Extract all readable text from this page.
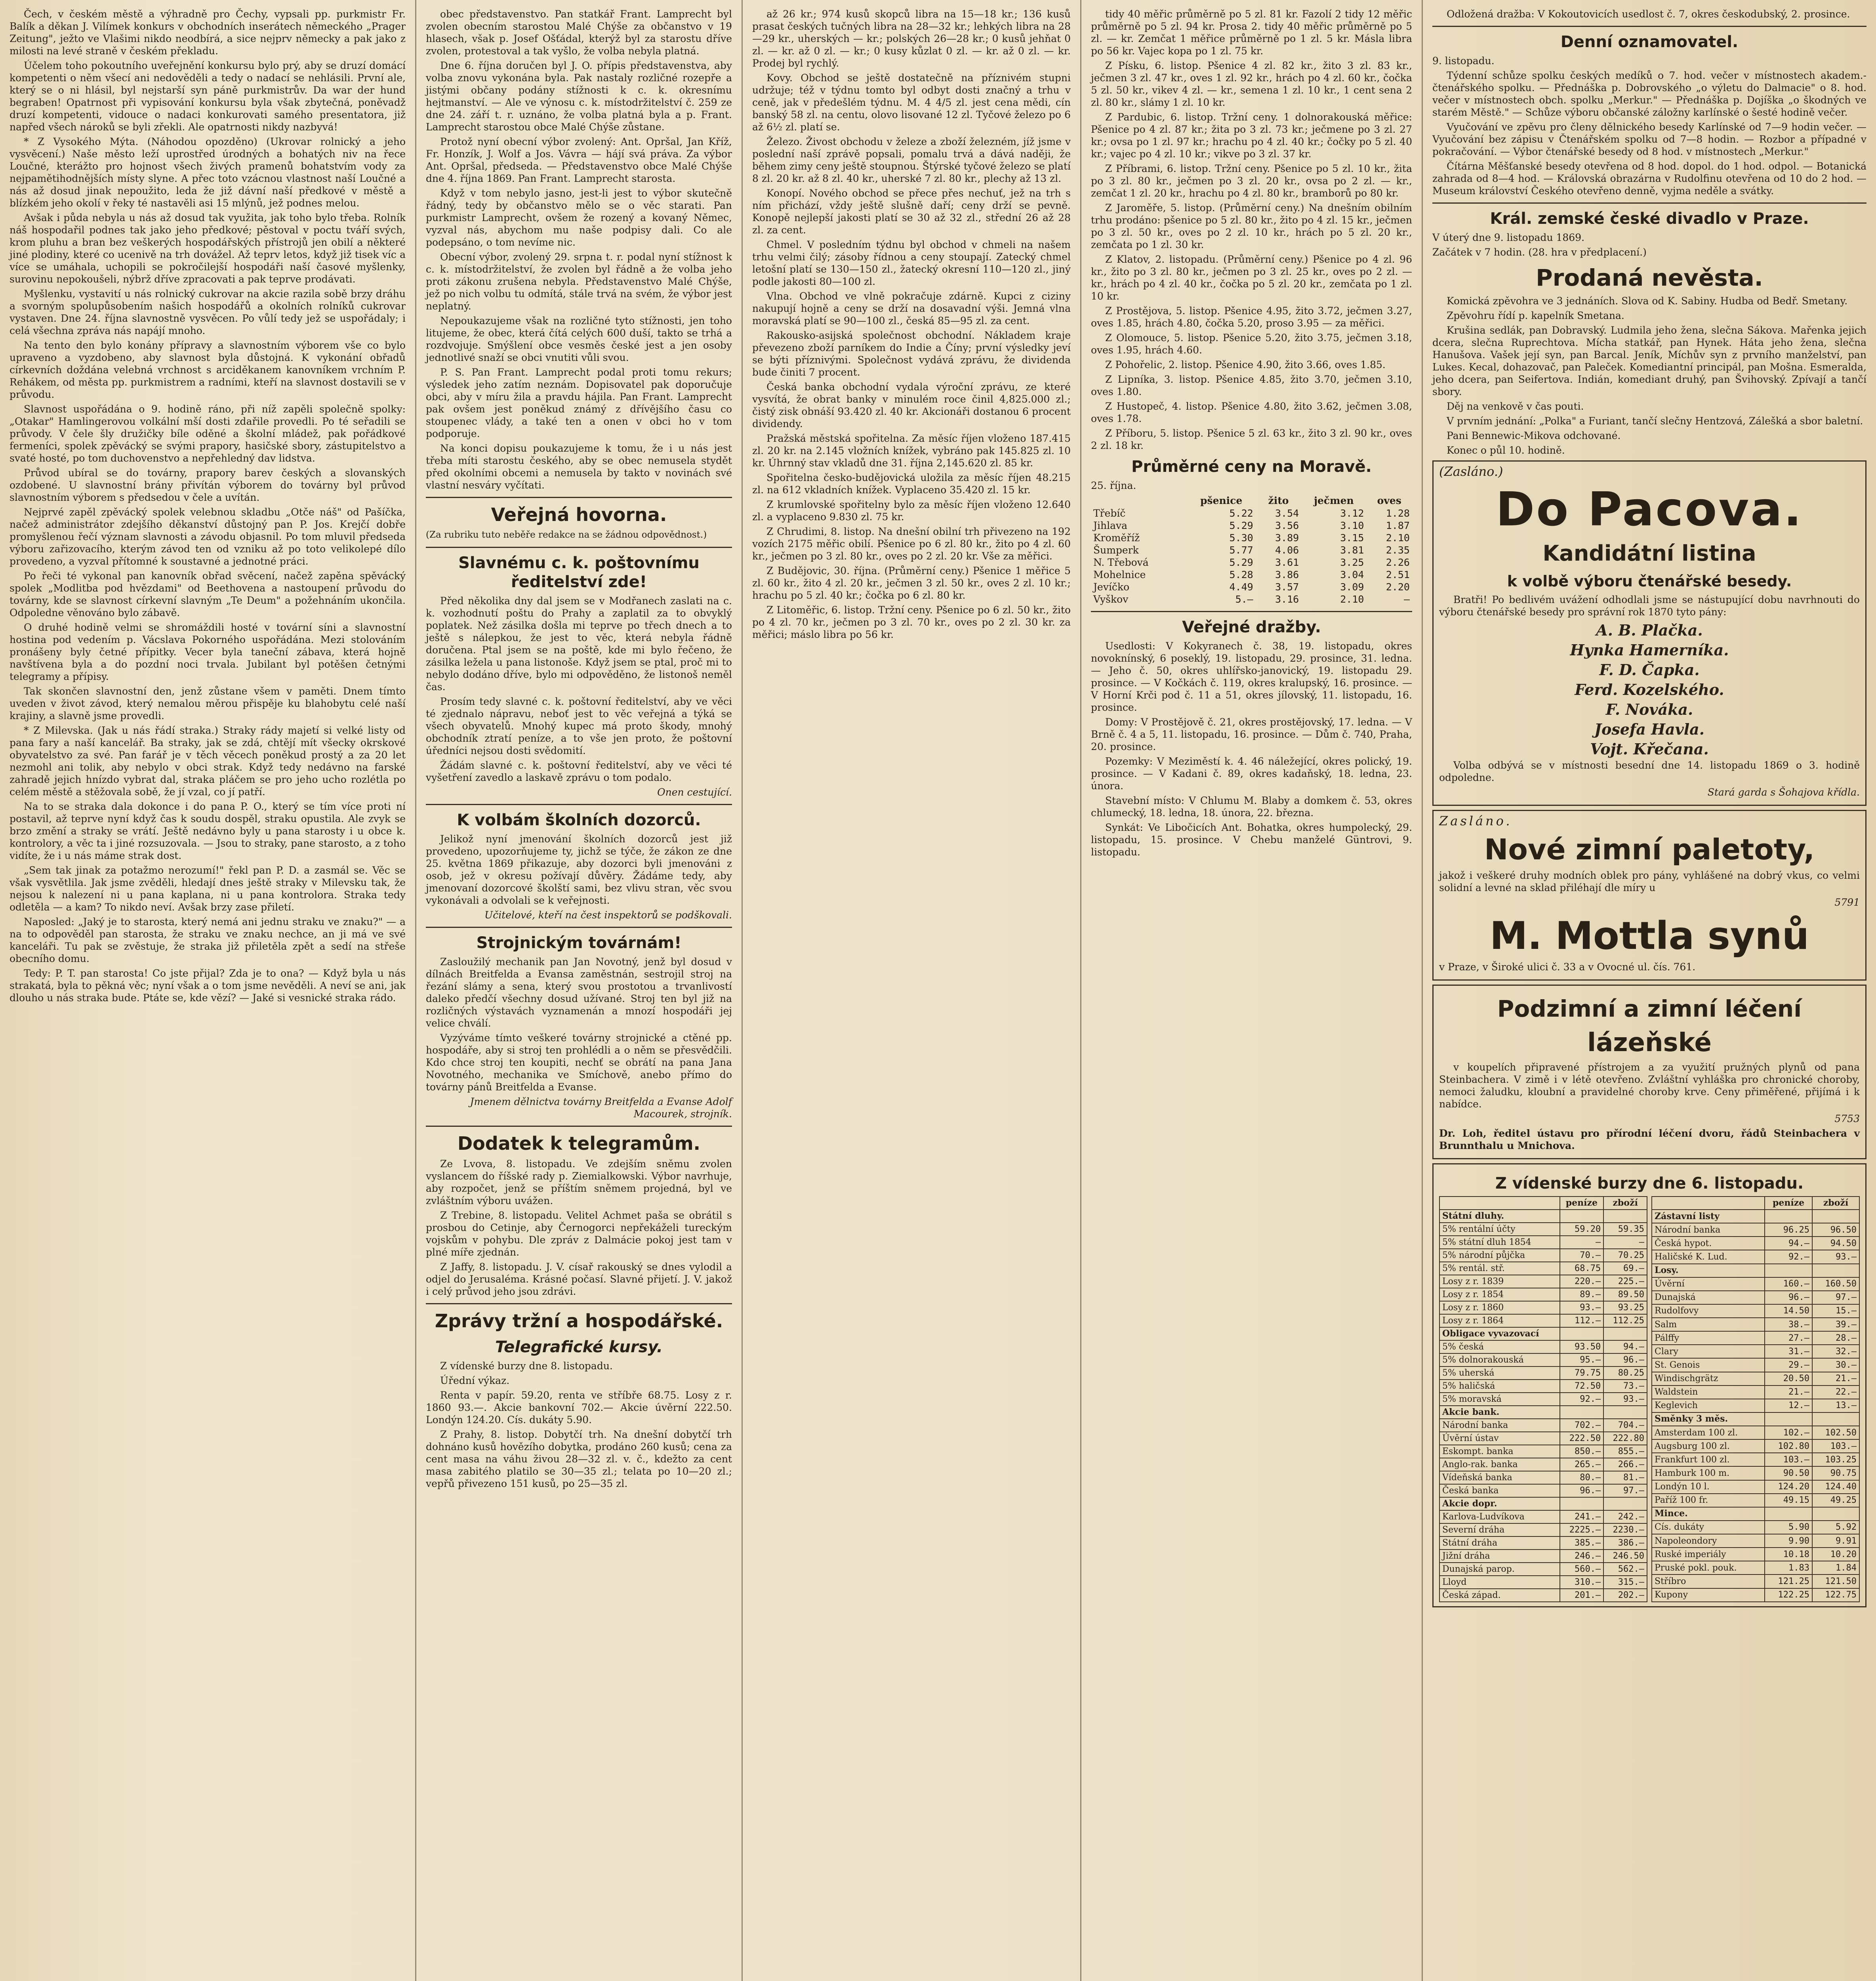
Čech, v českém městě a výhradně pro Čechy, vypsali pp. purkmistr Fr. Balík a děkan J. Vilímek konkurs v obchodních inserátech německého „Prager Zeitung", ježto ve Vlašimi nikdo neodbírá, a sice nejprv německy a pak jako z milosti na levé straně v českém překladu.

Účelem toho pokoutního uveřejnění konkursu bylo prý, aby se druzí domácí kompetenti o něm všecí ani nedověděli a tedy o nadací se nehlásili. První ale, který se o ni hlásil, byl nejstarší syn páně purkmistrův. Da war der hund begraben! Opatrnost při vypisování konkursu byla však zbytečná, poněvadž druzí kompetenti, vidouce o nadaci konkurovati samého presentatora, již napřed všech nároků se byli zřekli. Ale opatrnosti nikdy nazbyvá!

* Z Vysokého Mýta. (Náhodou opozděno) (Ukrovar rolnický a jeho vysvěcení.) Naše město leží uprostřed úrodných a bohatých niv na řece Loučné, kterážto pro hojnost všech živých pramenů bohatstvím vody za nejpamětihodnějších místy slyne. A přec toto vzácnou vlastnost naší Loučné a nás až dosud jinak nepoužito, leda že již dávní naší předkové v městě a blízkém jeho okolí v řeky té nastavěli asi 15 mlýnů, jež podnes melou.

Avšak i půda nebyla u nás až dosud tak využita, jak toho bylo třeba. Rolník náš hospodařil podnes tak jako jeho předkové; pěstoval v poctu tváří svých, krom pluhu a bran bez veškerých hospodářských přístrojů jen obilí a některé jiné plodiny, které co ucenivě na trh dovážel. Až teprv letos, když již tisek víc a více se umáhala, uchopili se pokročilejší hospodáři naší časové myšlenky, surovinu nepokoušeli, nýbrž dříve zpracovati a pak teprve prodávati.

Myšlenku, vystavití u nás rolnický cukrovar na akcie razila sobě brzy dráhu a svorným spolupůsobením našich hospodářů a okolních rolníků cukrovar vystaven. Dne 24. října slavnostně vysvěcen. Po vůlí tedy jež se uspořádaly; i celá všechna zpráva nás napájí mnoho.

Na tento den bylo konány přípravy a slavnostním výborem vše co bylo upraveno a vyzdobeno, aby slavnost byla důstojná. K vykonání obřadů církevních doždána velebná vrchnost s arciděkanem kanovníkem vrchním P. Rehákem, od města pp. purkmistrem a radními, kteří na slavnost dostavili se v průvodu.

Slavnost uspořádána o 9. hodině ráno, při níž zapěli společně spolky: „Otakar" Hamlingerovou volkální mší dosti zdařile provedli. Po té seřadili se průvody. V čele šly družičky bíle oděné a školní mládež, pak pořádkové fermeníci, spolek zpěvácký se svými prapory, hasičské sbory, zástupitelstvo a svaté hosté, po tom duchovenstvo a nepřehledný dav lidstva.

Průvod ubíral se do továrny, prapory barev českých a slovanských ozdobené. U slavnostní brány přivítán výborem do továrny byl průvod slavnostním výborem s předsedou v čele a uvítán.

Nejprvé zapěl zpěvácký spolek velebnou skladbu „Otče náš" od Pašíčka, načež administrátor zdejšího děkanství důstojný pan P. Jos. Krejčí dobře promyšlenou řečí význam slavnosti a závodu objasnil. Po tom mluvil předseda výboru zařizovacího, kterým závod ten od vzniku až po toto velikolepé dílo provedeno, a vyzval přítomné k soustavné a jednotné práci.

Po řeči té vykonal pan kanovník obřad svěcení, načež zapěna spěvácký spolek „Modlitba pod hvězdami" od Beethovena a nastoupení průvodu do továrny, kde se slavnost církevní slavným „Te Deum" a požehnáním ukončila. Odpoledne věnováno bylo zábavě.

O druhé hodině velmi se shromáždili hosté v tovární síni a slavnostní hostina pod vedením p. Vácslava Pokorného uspořádána. Mezi stolováním pronášeny byly četné přípitky. Vecer byla taneční zábava, která hojně navštívena byla a do pozdní noci trvala. Jubilant byl potěšen četnými telegramy a přípisy.

Tak skončen slavnostní den, jenž zůstane všem v paměti. Dnem tímto uveden v život závod, který nemalou měrou přispěje ku blahobytu celé naší krajiny, a slavně jsme provedli.

* Z Milevska. (Jak u nás řádí straka.) Straky rády majetí si velké listy od pana fary a naší kancelář. Ba straky, jak se zdá, chtějí mít všecky okrskové obyvatelstvo za své. Pan farář je v těch věcech poněkud prostý a za 20 let nezmohl ani tolik, aby nebylo v obci strak. Když tedy nedávno na farské zahradě jejich hnízdo vybrat dal, straka pláčem se pro jeho ucho rozlétla po celém městě a stěžovala sobě, že jí vzal, co jí patří.

Na to se straka dala dokonce i do pana P. O., který se tím více proti ní postavil, až teprve nyní když čas k soudu dospěl, straku opustila. Ale zvyk se brzo změní a straky se vrátí. Ještě nedávno byly u pana starosty i u obce k. kontrolory, a věc ta i jiné rozsuzovala. — Jsou to straky, pane starosto, a z toho vidíte, že i u nás máme strak dost.

„Sem tak jinak za potažmo nerozumí!" řekl pan P. D. a zasmál se. Věc se však vysvětlila. Jak jsme zvěděli, hledají dnes ještě straky v Milevsku tak, že nejsou k nalezení ni u pana kaplana, ni u pana kontrolora. Straka tedy odletěla — a kam? To nikdo neví. Avšak brzy zase přiletí.

Naposled: „Jaký je to starosta, který nemá ani jednu straku ve znaku?" — a na to odpověděl pan starosta, že straku ve znaku nechce, an ji má ve své kanceláři. Tu pak se zvěstuje, že straka již přiletěla zpět a sedí na střeše obecního domu.

Tedy: P. T. pan starosta! Co jste přijal? Zda je to ona? — Když byla u nás strakatá, byla to pěkná věc; nyní však a o tom jsme nevěděli. A neví se ani, jak dlouho u nás straka bude. Ptáte se, kde vězí? — Jaké si vesnické straka rádo.

obec představenstvo. Pan statkář Frant. Lamprecht byl zvolen obecním starostou Malé Chýše za občanstvo v 19 hlasech, však p. Josef Ošťádal, kterýž byl za starostu dříve zvolen, protestoval a tak vyšlo, že volba nebyla platná.

Dne 6. října doručen byl J. O. přípis představenstva, aby volba znovu vykonána byla. Pak nastaly rozličné rozepře a jistými občany podány stížnosti k c. k. okresnímu hejtmanství. — Ale ve výnosu c. k. místodržitelství č. 259 ze dne 24. září t. r. uznáno, že volba platná byla a p. Frant. Lamprecht starostou obce Malé Chýše zůstane.

Protož nyní obecní výbor zvolený: Ant. Opršal, Jan Kříž, Fr. Honzík, J. Wolf a Jos. Vávra — hájí svá práva. Za výbor Ant. Opršal, předseda. — Představenstvo obce Malé Chýše dne 4. října 1869. Pan Frant. Lamprecht starosta.

Když v tom nebylo jasno, jest-li jest to výbor skutečně řádný, tedy by občanstvo mělo se o věc starati. Pan purkmistr Lamprecht, ovšem že rozený a kovaný Němec, vyzval nás, abychom mu naše podpisy dali. Co ale podepsáno, o tom nevíme nic.

Obecní výbor, zvolený 29. srpna t. r. podal nyní stížnost k c. k. místodržitelství, že zvolen byl řádně a že volba jeho proti zákonu zrušena nebyla. Představenstvo Malé Chýše, jež po nich volbu tu odmítá, stále trvá na svém, že výbor jest neplatný.

Nepoukazujeme však na rozličné tyto stížnosti, jen toho litujeme, že obec, která čítá celých 600 duší, takto se trhá a rozdvojuje. Smýšlení obce vesměs české jest a jen osoby jednotlivé snaží se obci vnutiti vůli svou.

P. S. Pan Frant. Lamprecht podal proti tomu rekurs; výsledek jeho zatím neznám. Dopisovatel pak doporučuje obci, aby v míru žila a pravdu hájila. Pan Frant. Lamprecht pak ovšem jest poněkud známý z dřívějšího času co stoupenec vlády, a také ten a onen v obci ho v tom podporuje.

Na konci dopisu poukazujeme k tomu, že i u nás jest třeba míti starostu českého, aby se obec nemusela stydět před okolními obcemi a nemusela by takto v novinách své vlastní nesváry vyčítati.

Veřejná hovorna.

(Za rubriku tuto neběře redakce na se žádnou odpovědnost.)

Slavnému c. k. poštovnímu ředitelství zde!

Před několika dny dal jsem se v Modřanech zaslati na c. k. vozhodnutí poštu do Prahy a zaplatil za to obvyklý poplatek. Než zásilka došla mi teprve po třech dnech a to ještě s nálepkou, že jest to věc, která nebyla řádně doručena. Ptal jsem se na poště, kde mi bylo řečeno, že zásilka ležela u pana listonoše. Když jsem se ptal, proč mi to nebylo dodáno dříve, bylo mi odpověděno, že listonoš neměl čas.

Prosím tedy slavné c. k. poštovní ředitelství, aby ve věci té zjednalo nápravu, neboť jest to věc veřejná a týká se všech obyvatelů. Mnohý kupec má proto škody, mnohý obchodník ztratí peníze, a to vše jen proto, že poštovní úředníci nejsou dosti svědomití.

Žádám slavné c. k. poštovní ředitelství, aby ve věci té vyšetření zavedlo a laskavě zprávu o tom podalo.

Onen cestující.

K volbám školních dozorců.

Jelikož nyní jmenování školních dozorců jest již provedeno, upozorňujeme ty, jichž se týče, že zákon ze dne 25. května 1869 přikazuje, aby dozorci byli jmenováni z osob, jež v okresu požívají důvěry. Žádáme tedy, aby jmenovaní dozorcové školští sami, bez vlivu stran, věc svou vykonávali a odvolali se k veřejnosti.

Učitelové, kteří na čest inspektorů se podškovali.

Strojnickým továrnám!

Zasloužilý mechanik pan Jan Novotný, jenž byl dosud v dílnách Breitfelda a Evansa zaměstnán, sestrojil stroj na řezání slámy a sena, který svou prostotou a trvanlivostí daleko předčí všechny dosud užívané. Stroj ten byl již na rozličných výstavách vyznamenán a mnozí hospodáři jej velice chválí.

Vyzýváme tímto veškeré továrny strojnické a ctěné pp. hospodáře, aby si stroj ten prohlédli a o něm se přesvědčili. Kdo chce stroj ten koupiti, nechť se obrátí na pana Jana Novotného, mechanika ve Smíchově, anebo přímo do továrny pánů Breitfelda a Evanse.

Jmenem dělnictva továrny Breitfelda a Evanse Adolf Macourek, strojník.

Dodatek k telegramům.

Ze Lvova, 8. listopadu. Ve zdejším sněmu zvolen vyslancem do říšské rady p. Ziemialkowski. Výbor navrhuje, aby rozpočet, jenž se příštím sněmem projedná, byl ve zvláštním výboru uvážen.

Z Trebine, 8. listopadu. Velitel Achmet paša se obrátil s prosbou do Cetinje, aby Černogorci nepřekáželi tureckým vojskům v pohybu. Dle zpráv z Dalmácie pokoj jest tam v plné míře zjednán.

Z Jaffy, 8. listopadu. J. V. císař rakouský se dnes vylodil a odjel do Jerusaléma. Krásné počasí. Slavné přijetí. J. V. jakož i celý průvod jeho jsou zdrávi.

Zprávy tržní a hospodářské.
Telegrafické kursy.

Z vídenské burzy dne 8. listopadu.

Úřední výkaz.

Renta v papír. 59.20, renta ve stříbře 68.75. Losy z r. 1860 93.—. Akcie bankovní 702.— Akcie úvěrní 222.50. Londýn 124.20. Cís. dukáty 5.90.

Z Prahy, 8. listop. Dobytčí trh. Na dnešní dobytčí trh dohnáno kusů hovězího dobytka, prodáno 260 kusů; cena za cent masa na váhu živou 28—32 zl. v. č., kdežto za cent masa zabitého platilo se 30—35 zl.; telata po 10—20 zl.; vepřů přivezeno 151 kusů, po 25—35 zl.

až 26 kr.; 974 kusů skopců libra na 15—18 kr.; 136 kusů prasat českých tučných libra na 28—32 kr.; lehkých libra na 28—29 kr., uherských — kr.; polských 26—28 kr.; 0 kusů jehňat 0 zl. — kr. až 0 zl. — kr.; 0 kusy kůzlat 0 zl. — kr. až 0 zl. — kr. Prodej byl rychlý.

Kovy. Obchod se ještě dostatečně na příznivém stupni udržuje; též v týdnu tomto byl odbyt dosti značný a trhu v ceně, jak v předešlém týdnu. M. 4 4/5 zl. jest cena mědi, cín banský 58 zl. na centu, olovo lisované 12 zl. Tyčové železo po 6 až 6½ zl. platí se.

Železo. Živost obchodu v železe a zboží železném, jíž jsme v poslední naší zprávě popsali, pomalu trvá a dává naději, že během zimy ceny ještě stoupnou. Štýrské tyčové železo se platí 8 zl. 20 kr. až 8 zl. 40 kr., uherské 7 zl. 80 kr., plechy až 13 zl.

Konopí. Nového obchod se přece přes nechuť, jež na trh s ním přichází, vždy ještě slušně daří; ceny drží se pevně. Konopě nejlepší jakosti platí se 30 až 32 zl., střední 26 až 28 zl. za cent.

Chmel. V posledním týdnu byl obchod v chmeli na našem trhu velmi čilý; zásoby řídnou a ceny stoupají. Zatecký chmel letošní platí se 130—150 zl., žatecký okresní 110—120 zl., jiný podle jakosti 80—100 zl.

Vlna. Obchod ve vlně pokračuje zdárně. Kupci z ciziny nakupují hojně a ceny se drží na dosavadní výši. Jemná vlna moravská platí se 90—100 zl., česká 85—95 zl. za cent.

Rakousko-asijská společnost obchodní. Nákladem kraje převezeno zboží parníkem do Indie a Číny; první výsledky jeví se býti příznivými. Společnost vydává zprávu, že dividenda bude činiti 7 procent.

Česká banka obchodní vydala výroční zprávu, ze které vysvítá, že obrat banky v minulém roce činil 4,825.000 zl.; čistý zisk obnáší 93.420 zl. 40 kr. Akcionáři dostanou 6 procent dividendy.

Pražská městská spořitelna. Za měsíc říjen vloženo 187.415 zl. 20 kr. na 2.145 vložních knížek, vybráno pak 145.825 zl. 10 kr. Úhrnný stav vkladů dne 31. října 2,145.620 zl. 85 kr.

Spořitelna česko-budějovická uložila za měsíc říjen 48.215 zl. na 612 vkladních knížek. Vyplaceno 35.420 zl. 15 kr.

Z krumlovské spořitelny bylo za měsíc říjen vloženo 12.640 zl. a vyplaceno 9.830 zl. 75 kr.

Z Chrudimi, 8. listop. Na dnešní obilní trh přivezeno na 192 vozích 2175 měřic obilí. Pšenice po 6 zl. 80 kr., žito po 4 zl. 60 kr., ječmen po 3 zl. 80 kr., oves po 2 zl. 20 kr. Vše za měřici.

Z Budějovic, 30. října. (Průměrní ceny.) Pšenice 1 měřice 5 zl. 60 kr., žito 4 zl. 20 kr., ječmen 3 zl. 50 kr., oves 2 zl. 10 kr.; hrachu po 5 zl. 40 kr.; čočka po 6 zl. 80 kr.

Z Litoměřic, 6. listop. Tržní ceny. Pšenice po 6 zl. 50 kr., žito po 4 zl. 70 kr., ječmen po 3 zl. 70 kr., oves po 2 zl. 30 kr. za měřici; máslo libra po 56 kr.

tidy 40 měřic průměrně po 5 zl. 81 kr. Fazolí 2 tidy 12 měřic průměrně po 5 zl. 94 kr. Prosa 2. tidy 40 měřic průměrně po 5 zl. — kr. Zemčat 1 měřice průměrně po 1 zl. 5 kr. Másla libra po 56 kr. Vajec kopa po 1 zl. 75 kr.

Z Písku, 6. listop. Pšenice 4 zl. 82 kr., žito 3 zl. 83 kr., ječmen 3 zl. 47 kr., oves 1 zl. 92 kr., hrách po 4 zl. 60 kr., čočka 5 zl. 50 kr., vikev 4 zl. — kr., semena 1 zl. 10 kr., 1 cent sena 2 zl. 80 kr., slámy 1 zl. 10 kr.

Z Pardubic, 6. listop. Tržní ceny. 1 dolnorakouská měřice: Pšenice po 4 zl. 87 kr.; žita po 3 zl. 73 kr.; ječmene po 3 zl. 27 kr.; ovsa po 1 zl. 97 kr.; hrachu po 4 zl. 40 kr.; čočky po 5 zl. 40 kr.; vajec po 4 zl. 10 kr.; vikve po 3 zl. 37 kr.

Z Příbrami, 6. listop. Tržní ceny. Pšenice po 5 zl. 10 kr., žita po 3 zl. 80 kr., ječmen po 3 zl. 20 kr., ovsa po 2 zl. — kr., zemčat 1 zl. 20 kr., hrachu po 4 zl. 80 kr., bramborů po 80 kr.

Z Jaroměře, 5. listop. (Průměrní ceny.) Na dnešním obilním trhu prodáno: pšenice po 5 zl. 80 kr., žito po 4 zl. 15 kr., ječmen po 3 zl. 50 kr., oves po 2 zl. 10 kr., hrách po 5 zl. 20 kr., zemčata po 1 zl. 30 kr.

Z Klatov, 2. listopadu. (Průměrní ceny.) Pšenice po 4 zl. 96 kr., žito po 3 zl. 80 kr., ječmen po 3 zl. 25 kr., oves po 2 zl. — kr., hrách po 4 zl. 40 kr., čočka po 5 zl. 20 kr., zemčata po 1 zl. 10 kr.

Z Prostějova, 5. listop. Pšenice 4.95, žito 3.72, ječmen 3.27, oves 1.85, hrách 4.80, čočka 5.20, proso 3.95 — za měřici.

Z Olomouce, 5. listop. Pšenice 5.20, žito 3.75, ječmen 3.18, oves 1.95, hrách 4.60.

Z Pohořelic, 2. listop. Pšenice 4.90, žito 3.66, oves 1.85.

Z Lipníka, 3. listop. Pšenice 4.85, žito 3.70, ječmen 3.10, oves 1.80.

Z Hustopeč, 4. listop. Pšenice 4.80, žito 3.62, ječmen 3.08, oves 1.78.

Z Příboru, 5. listop. Pšenice 5 zl. 63 kr., žito 3 zl. 90 kr., oves 2 zl. 18 kr.

Průměrné ceny na Moravě.

25. října.

	pšenice	žito	ječmen	oves
Třebíč	5.22	3.54	3.12	1.28
Jihlava	5.29	3.56	3.10	1.87
Kroměříž	5.30	3.89	3.15	2.10
Šumperk	5.77	4.06	3.81	2.35
N. Třebová	5.29	3.61	3.25	2.26
Mohelnice	5.28	3.86	3.04	2.51
Jevíčko	4.49	3.57	3.09	2.20
Vyškov	5.—	3.16	2.10	—
Veřejné dražby.

Usedlosti: V Kokyranech č. 38, 19. listopadu, okres novoknínský, 6 poseklý, 19. listopadu, 29. prosince, 31. ledna. — Jeho č. 50, okres uhlířsko-janovický, 19. listopadu 29. prosince. — V Kočkách č. 119, okres kralupský, 16. prosince. — V Horní Krči pod č. 11 a 51, okres jílovský, 11. listopadu, 16. prosince.

Domy: V Prostějově č. 21, okres prostějovský, 17. ledna. — V Brně č. 4 a 5, 11. listopadu, 16. prosince. — Dům č. 740, Praha, 20. prosince.

Pozemky: V Meziměstí k. 4. 46 náležející, okres polický, 19. prosince. — V Kadani č. 89, okres kadaňský, 18. ledna, 23. února.

Stavební místo: V Chlumu M. Blaby a domkem č. 53, okres chlumecký, 18. ledna, 18. února, 22. března.

Synkát: Ve Libočicích Ant. Bohatka, okres humpolecký, 29. listopadu, 15. prosince. V Chebu manželé Güntrovi, 9. listopadu.

Odložená dražba: V Kokoutovicích usedlost č. 7, okres českodubský, 2. prosince.

Denní oznamovatel.

9. listopadu.

Týdenní schůze spolku českých medíků o 7. hod. večer v místnostech akadem.-čtenářského spolku. — Přednáška p. Dobrovského „o výletu do Dalmacie" o 8. hod. večer v místnostech obch. spolku „Merkur." — Přednáška p. Dojíška „o škodných ve starém Městě." — Schůze výboru občanské záložny karlínské o šesté hodině večer.

Vyučování ve zpěvu pro členy dělnického besedy Karlínské od 7—9 hodin večer. — Vyučování bez zápisu v Čtenářském spolku od 7—8 hodin. — Rozbor a případné v pokračování. — Výbor čtenářské besedy od 8 hod. v místnostech „Merkur."

Čítárna Měšťanské besedy otevřena od 8 hod. dopol. do 1 hod. odpol. — Botanická zahrada od 8—4 hod. — Královská obrazárna v Rudolfinu otevřena od 10 do 2 hod. — Museum království Českého otevřeno denně, vyjma neděle a svátky.

Král. zemské české divadlo v Praze.

V úterý dne 9. listopadu 1869.

Začátek v 7 hodin. (28. hra v předplacení.)

Prodaná nevěsta.

Komická zpěvohra ve 3 jednáních. Slova od K. Sabiny. Hudba od Bedř. Smetany.

Zpěvohru řídí p. kapelník Smetana.

Krušina sedlák, pan Dobravský. Ludmila jeho žena, slečna Sákova. Mařenka jejich dcera, slečna Ruprechtova. Mícha statkář, pan Hynek. Háta jeho žena, slečna Hanušova. Vašek její syn, pan Barcal. Jeník, Míchův syn z prvního manželství, pan Lukes. Kecal, dohazovač, pan Paleček. Komediantní principál, pan Mošna. Esmeralda, jeho dcera, pan Seifertova. Indián, komediant druhý, pan Švihovský. Zpívají a tančí sbory.

Děj na venkově v čas pouti.

V prvním jednání: „Polka" a Furiant, tančí slečny Hentzová, Zálešká a sbor baletní.

Pani Bennewic-Mikova odchované.

Konec o půl 10. hodině.

(Zasláno.)

Do Pacova.
Kandidátní listina
k volbě výboru čtenářské besedy.

Bratři! Po bedlivém uvážení odhodlali jsme se nástupující dobu navrhnouti do výboru čtenářské besedy pro správní rok 1870 tyto pány:

A. B. Plačka.

Hynka Hamerníka.

F. D. Čapka.

Ferd. Kozelského.

F. Nováka.

Josefa Havla.

Vojt. Křečana.

Volba odbývá se v místnosti besední dne 14. listopadu 1869 o 3. hodině odpoledne.

Stará garda s Šohajova křídla.

Zasláno.

Nové zimní paletoty,

jakož i veškeré druhy modních oblek pro pány, vyhlášené na dobrý vkus, co velmi solidní a levné na sklad přiléhají dle míry u

5791

M. Mottla synů

v Praze, v Široké ulici č. 33 a v Ovocné ul. čís. 761.

Podzimní a zimní léčení
lázeňské

v koupelích připravené přístrojem a za využití pružných plynů od pana Steinbachera. V zimě i v létě otevřeno. Zvláštní vyhláška pro chronické choroby, nemoci žaludku, kloubní a pravidelné choroby krve. Ceny přiměřené, přijímá i k nabídce.

5753

Dr. Loh, ředitel ústavu pro přírodní léčení dvoru, řádů Steinbachera v Brunnthalu u Mnichova.

Z vídenské burzy dne 6. listopadu.
	peníze	zboží
Státní dluhy.		
5% rentální účty	59.20	59.35
5% státní dluh 1854	—	—
5% národní půjčka	70.—	70.25
5% rentál. stř.	68.75	69.—
Losy z r. 1839	220.—	225.—
Losy z r. 1854	89.—	89.50
Losy z r. 1860	93.—	93.25
Losy z r. 1864	112.—	112.25
Obligace vyvazovací		
5% česká	93.50	94.—
5% dolnorakouská	95.—	96.—
5% uherská	79.75	80.25
5% haličská	72.50	73.—
5% moravská	92.—	93.—
Akcie bank.		
Národní banka	702.—	704.—
Úvěrní ústav	222.50	222.80
Eskompt. banka	850.—	855.—
Anglo-rak. banka	265.—	266.—
Vídeňská banka	80.—	81.—
Česká banka	96.—	97.—
Akcie dopr.		
Karlova-Ludvíkova	241.—	242.—
Severní dráha	2225.—	2230.—
Státní dráha	385.—	386.—
Jižní dráha	246.—	246.50
Dunajská parop.	560.—	562.—
Lloyd	310.—	315.—
Česká západ.	201.—	202.—
	peníze	zboží
Zástavní listy		
Národní banka	96.25	96.50
Česká hypot.	94.—	94.50
Haličské K. Lud.	92.—	93.—
Losy.		
Úvěrní	160.—	160.50
Dunajská	96.—	97.—
Rudolfovy	14.50	15.—
Salm	38.—	39.—
Pálffy	27.—	28.—
Clary	31.—	32.—
St. Genois	29.—	30.—
Windischgrätz	20.50	21.—
Waldstein	21.—	22.—
Keglevich	12.—	13.—
Směnky 3 měs.		
Amsterdam 100 zl.	102.—	102.50
Augsburg 100 zl.	102.80	103.—
Frankfurt 100 zl.	103.—	103.25
Hamburk 100 m.	90.50	90.75
Londýn 10 l.	124.20	124.40
Paříž 100 fr.	49.15	49.25
Mince.		
Cís. dukáty	5.90	5.92
Napoleondory	9.90	9.91
Ruské imperiály	10.18	10.20
Pruské pokl. pouk.	1.83	1.84
Stříbro	121.25	121.50
Kupony	122.25	122.75
